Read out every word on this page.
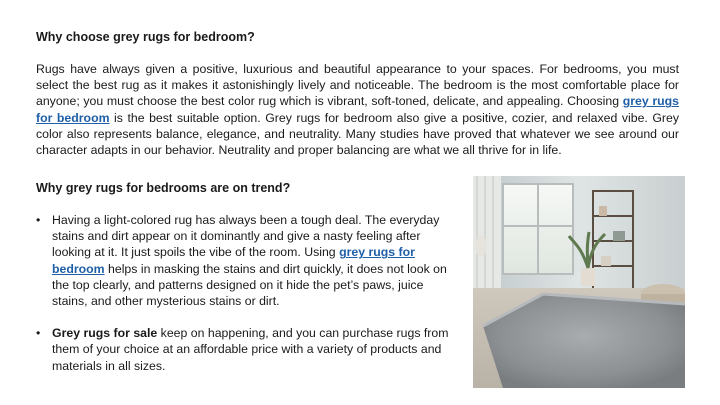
Why choose grey rugs for bedroom?

Rugs have always given a positive, luxurious and beautiful appearance to your spaces. For bedrooms, you must select the best rug as it makes it astonishingly lively and noticeable. The bedroom is the most comfortable place for anyone; you must choose the best color rug which is vibrant, soft-toned, delicate, and appealing. Choosing grey rugs for bedroom is the best suitable option. Grey rugs for bedroom also give a positive, cozier, and relaxed vibe. Grey color also represents balance, elegance, and neutrality. Many studies have proved that whatever we see around our character adapts in our behavior. Neutrality and proper balancing are what we all thrive for in life.

Why grey rugs for bedrooms are on trend?
• Having a light-colored rug has always been a tough deal. The everyday stains and dirt appear on it dominantly and give a nasty feeling after looking at it. It just spoils the vibe of the room. Using grey rugs for bedroom helps in masking the stains and dirt quickly, it does not look on the top clearly, and patterns designed on it hide the pet’s paws, juice stains, and other mysterious stains or dirt.
• Grey rugs for sale keep on happening, and you can purchase rugs from them of your choice at an affordable price with a variety of products and materials in all sizes.
